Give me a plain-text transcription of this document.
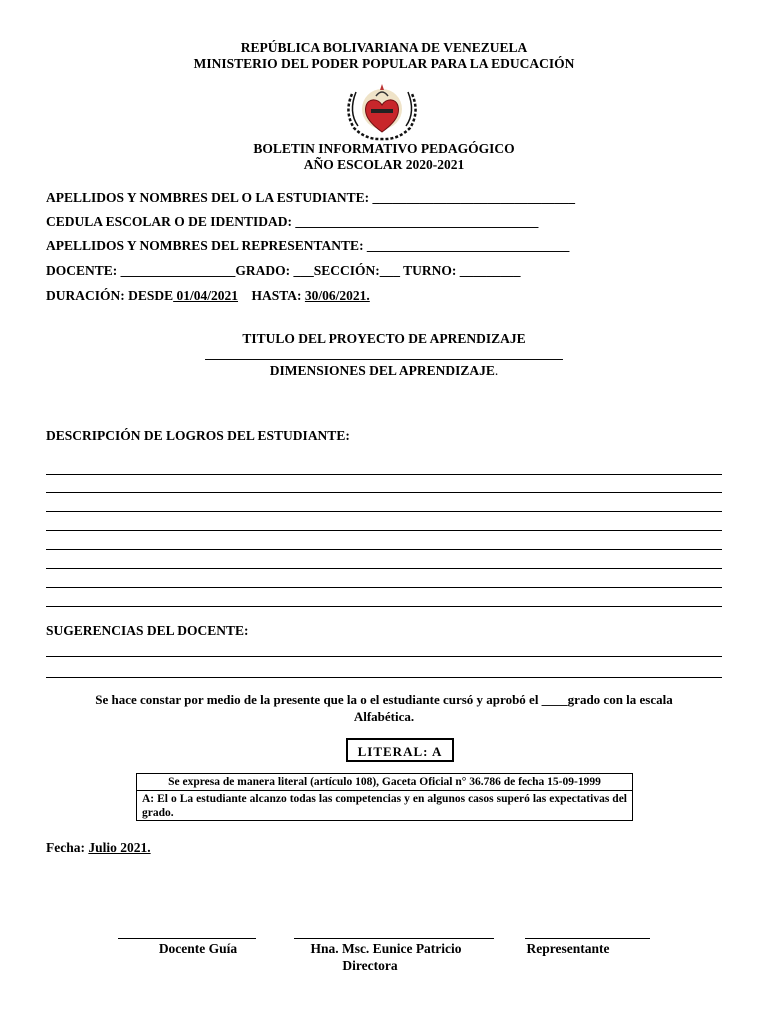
REPÚBLICA BOLIVARIANA DE VENEZUELA
MINISTERIO DEL PODER POPULAR PARA LA EDUCACIÓN
BOLETIN INFORMATIVO PEDAGÓGICO
AÑO ESCOLAR 2020-2021
APELLIDOS Y NOMBRES DEL O LA ESTUDIANTE: ______________________________
CEDULA ESCOLAR O DE IDENTIDAD: ____________________________________
APELLIDOS Y NOMBRES DEL REPRESENTANTE: ______________________________
DOCENTE: _________________GRADO: ___SECCIÓN:___ TURNO: _________
DURACIÓN: DESDE 01/04/2021 HASTA: 30/06/2021.
TITULO DEL PROYECTO DE APRENDIZAJE
_____________________________________________________
DIMENSIONES DEL APRENDIZAJE.
DESCRIPCIÓN DE LOGROS DEL ESTUDIANTE:
SUGERENCIAS DEL DOCENTE:
Se hace constar por medio de la presente que la o el estudiante cursó y aprobó el ____grado con la escala
Alfabética.
LITERAL: A
Se expresa de manera literal (artículo 108), Gaceta Oficial n° 36.786 de fecha 15-09-1999
A: El o La estudiante alcanzo todas las competencias y en algunos casos superó las expectativas del grado.
Fecha: Julio 2021.
Docente Guía	Hna. Msc. Eunice Patricio
Directora
Representante
